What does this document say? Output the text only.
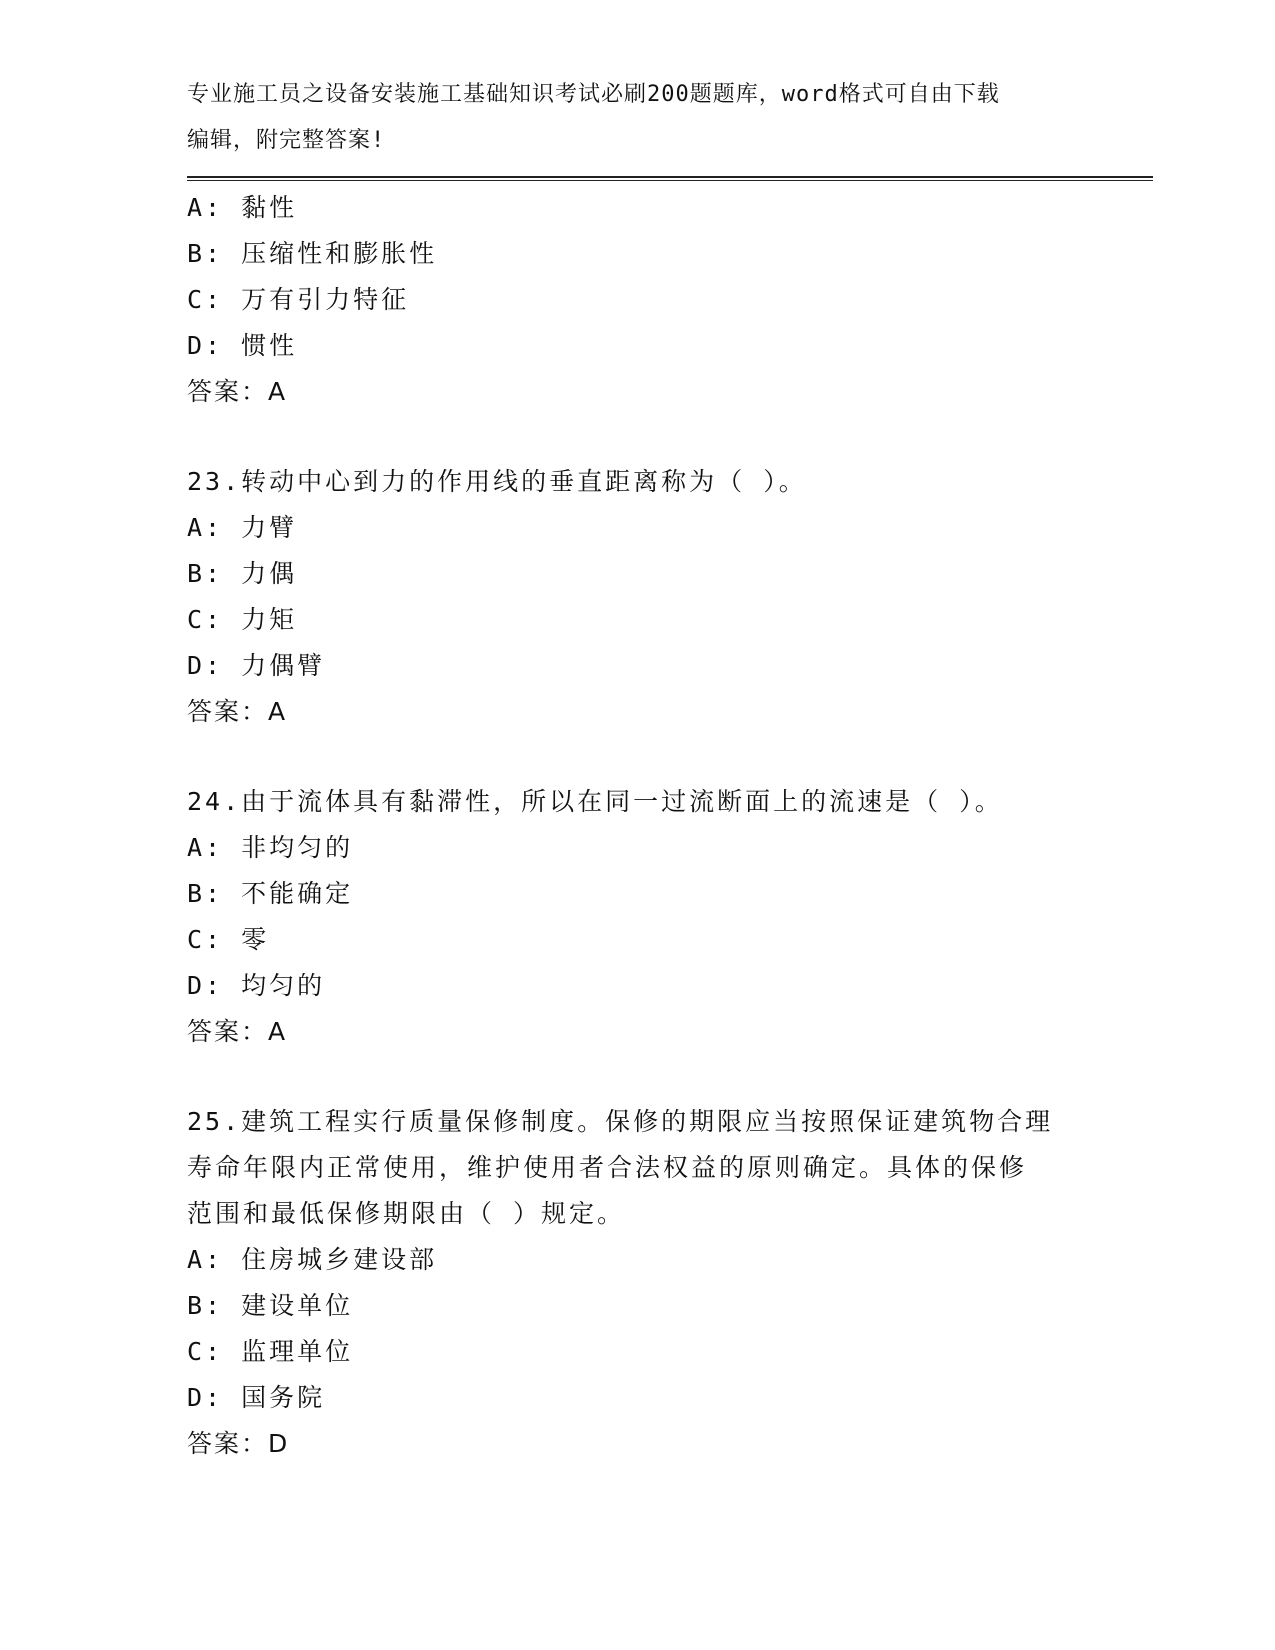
专业施工员之设备安装施工基础知识考试必刷200题题库，word格式可自由下载
编辑，附完整答案!
A: 黏性
B: 压缩性和膨胀性
C: 万有引力特征
D: 惯性
答案：A
23.转动中心到力的作用线的垂直距离称为（ ）。
A: 力臂
B: 力偶
C: 力矩
D: 力偶臂
答案：A
24.由于流体具有黏滞性，所以在同一过流断面上的流速是（ ）。
A: 非均匀的
B: 不能确定
C: 零
D: 均匀的
答案：A
25.建筑工程实行质量保修制度。保修的期限应当按照保证建筑物合理
寿命年限内正常使用，维护使用者合法权益的原则确定。具体的保修
范围和最低保修期限由（ ）规定。
A: 住房城乡建设部
B: 建设单位
C: 监理单位
D: 国务院
答案：D
